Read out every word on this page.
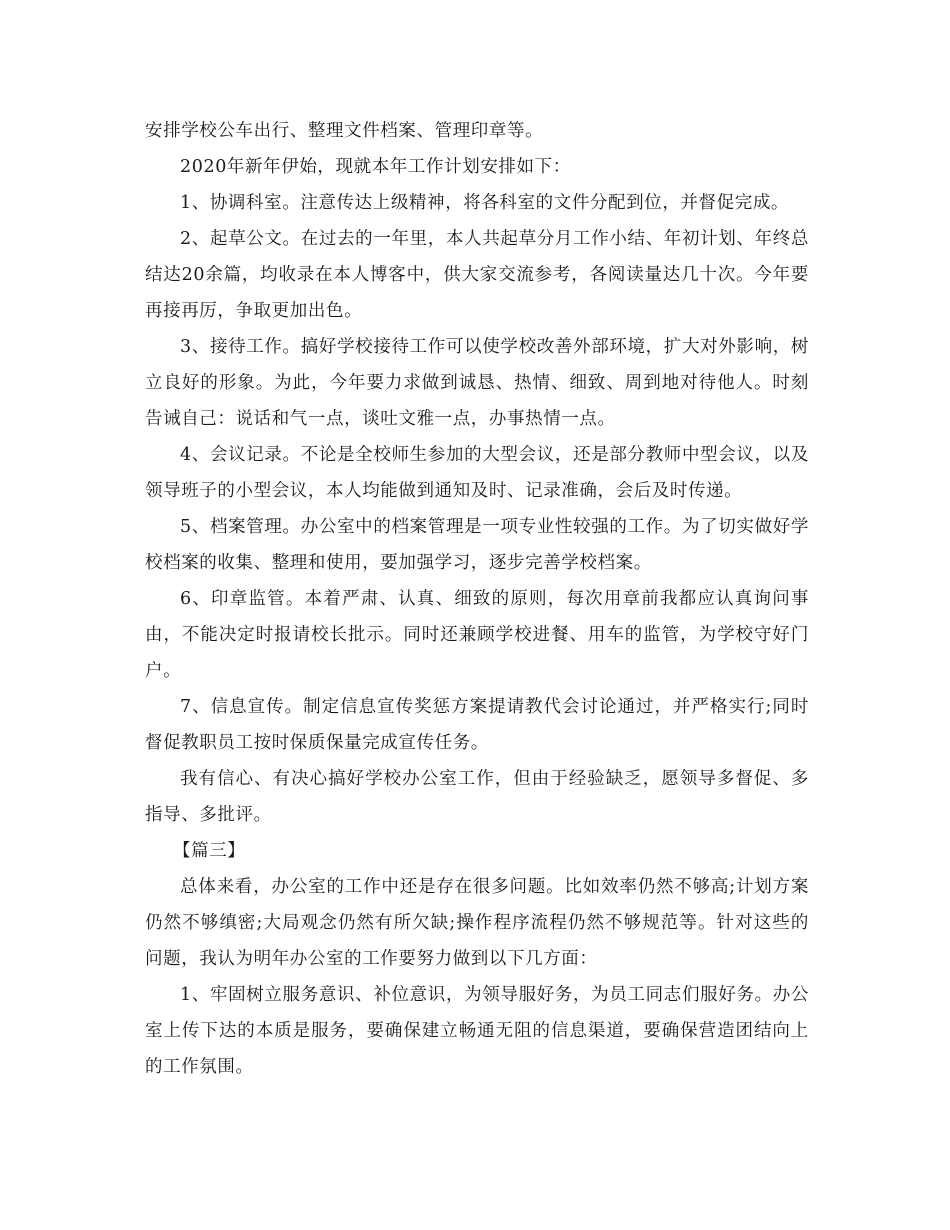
安排学校公车出行、整理文件档案、管理印章等。

2020年新年伊始，现就本年工作计划安排如下：

1、协调科室。注意传达上级精神，将各科室的文件分配到位，并督促完成。

2、起草公文。在过去的一年里，本人共起草分月工作小结、年初计划、年终总结达20余篇，均收录在本人博客中，供大家交流参考，各阅读量达几十次。今年要再接再厉，争取更加出色。

3、接待工作。搞好学校接待工作可以使学校改善外部环境，扩大对外影响，树立良好的形象。为此，今年要力求做到诚恳、热情、细致、周到地对待他人。时刻告诫自己：说话和气一点，谈吐文雅一点，办事热情一点。

4、会议记录。不论是全校师生参加的大型会议，还是部分教师中型会议，以及领导班子的小型会议，本人均能做到通知及时、记录准确，会后及时传递。

5、档案管理。办公室中的档案管理是一项专业性较强的工作。为了切实做好学校档案的收集、整理和使用，要加强学习，逐步完善学校档案。

6、印章监管。本着严肃、认真、细致的原则，每次用章前我都应认真询问事由，不能决定时报请校长批示。同时还兼顾学校进餐、用车的监管，为学校守好门户。

7、信息宣传。制定信息宣传奖惩方案提请教代会讨论通过，并严格实行;同时督促教职员工按时保质保量完成宣传任务。

我有信心、有决心搞好学校办公室工作，但由于经验缺乏，愿领导多督促、多指导、多批评。

【篇三】

总体来看，办公室的工作中还是存在很多问题。比如效率仍然不够高;计划方案仍然不够缜密;大局观念仍然有所欠缺;操作程序流程仍然不够规范等。针对这些的问题，我认为明年办公室的工作要努力做到以下几方面：

1、牢固树立服务意识、补位意识，为领导服好务，为员工同志们服好务。办公室上传下达的本质是服务，要确保建立畅通无阻的信息渠道，要确保营造团结向上的工作氛围。
